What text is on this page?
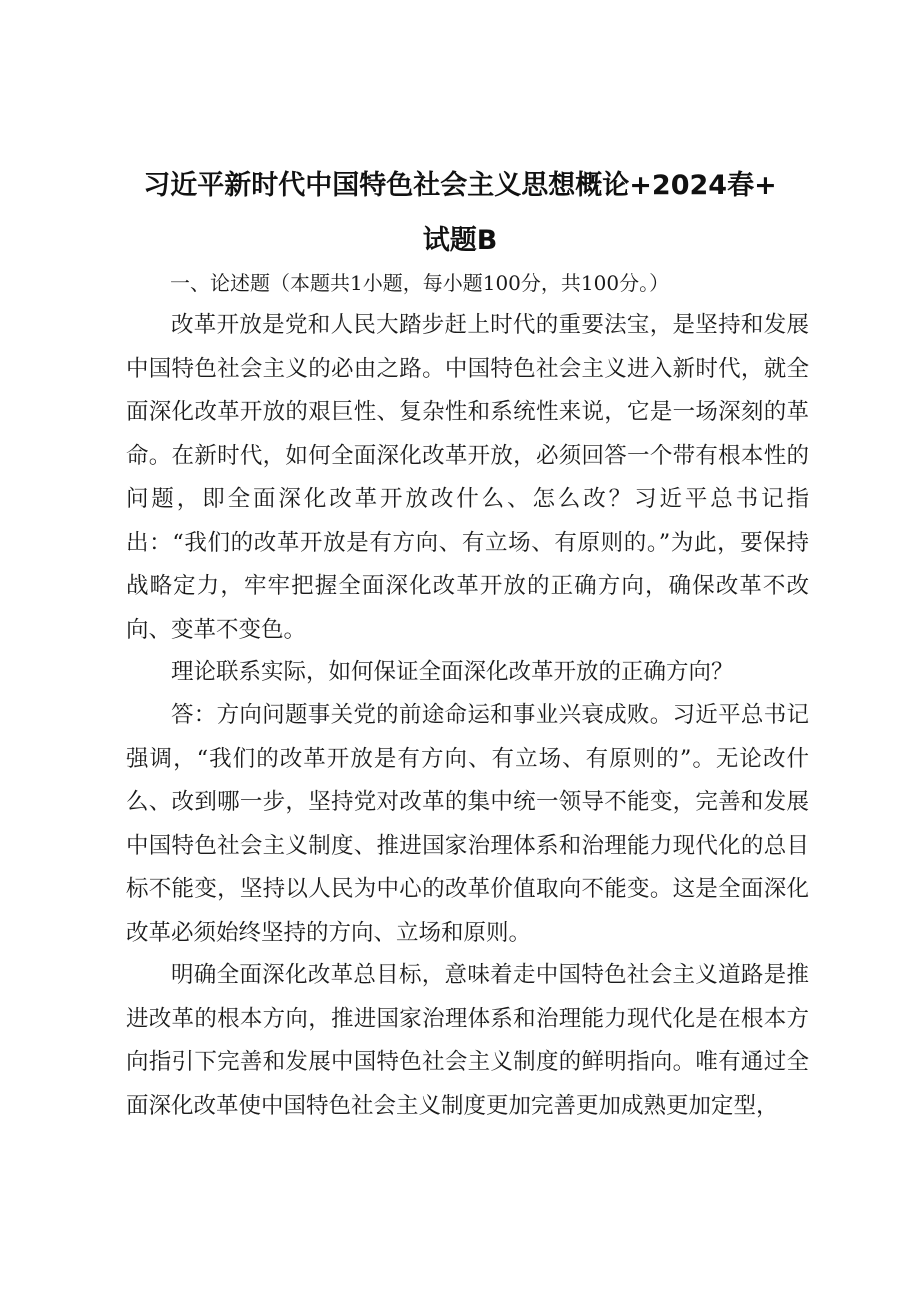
习近平新时代中国特色社会主义思想概论+2024春+
试题B
一、论述题（本题共1小题，每小题100分，共100分。）

改革开放是党和人民大踏步赶上时代的重要法宝，是坚持和发展中国特色社会主义的必由之路。中国特色社会主义进入新时代，就全面深化改革开放的艰巨性、复杂性和系统性来说，它是一场深刻的革命。在新时代，如何全面深化改革开放，必须回答一个带有根本性的问题，即全面深化改革开放改什么、怎么改？习近平总书记指出：“我们的改革开放是有方向、有立场、有原则的。”为此，要保持战略定力，牢牢把握全面深化改革开放的正确方向，确保改革不改向、变革不变色。

理论联系实际，如何保证全面深化改革开放的正确方向？

答：方向问题事关党的前途命运和事业兴衰成败。习近平总书记强调，“我们的改革开放是有方向、有立场、有原则的”。无论改什么、改到哪一步，坚持党对改革的集中统一领导不能变，完善和发展中国特色社会主义制度、推进国家治理体系和治理能力现代化的总目标不能变，坚持以人民为中心的改革价值取向不能变。这是全面深化改革必须始终坚持的方向、立场和原则。

明确全面深化改革总目标，意味着走中国特色社会主义道路是推进改革的根本方向，推进国家治理体系和治理能力现代化是在根本方向指引下完善和发展中国特色社会主义制度的鲜明指向。唯有通过全面深化改革使中国特色社会主义制度更加完善更加成熟更加定型，
